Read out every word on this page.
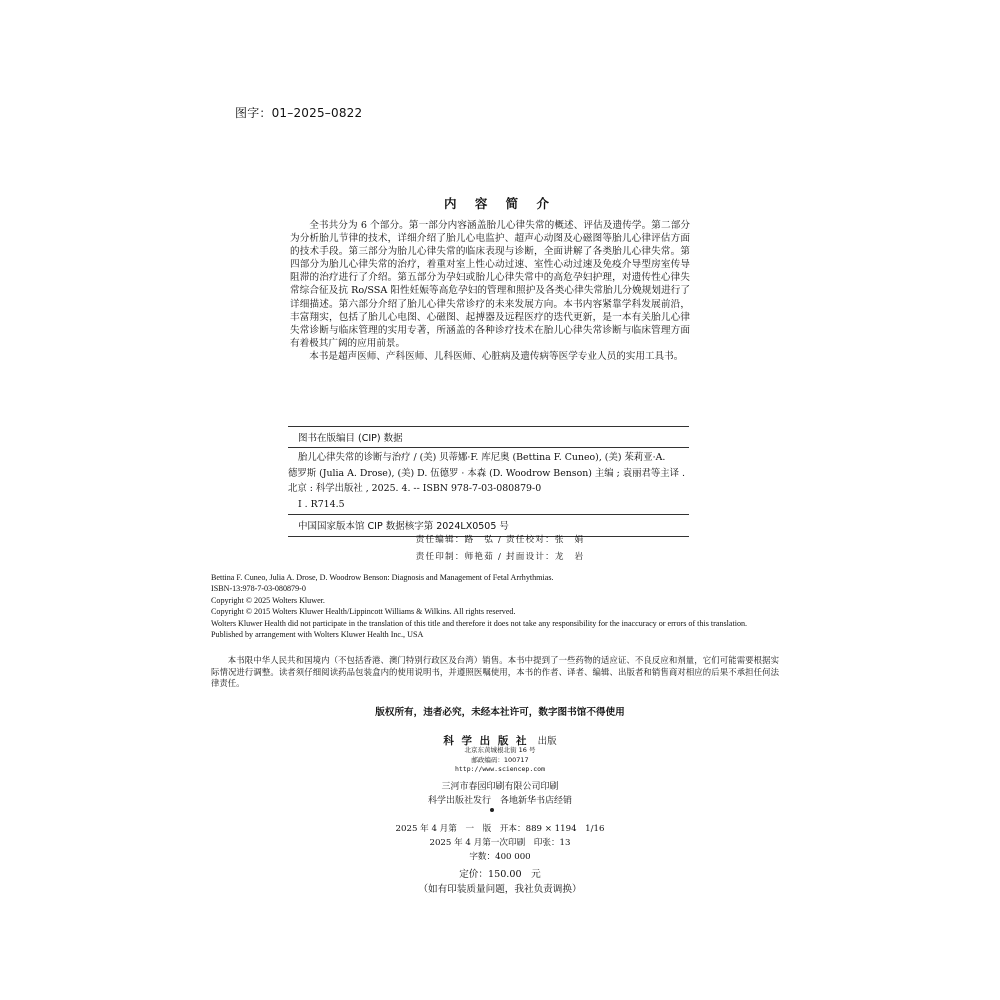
图字：01–2025–0822
内 容 简 介

全书共分为 6 个部分。第一部分内容涵盖胎儿心律失常的概述、评估及遗传学。第二部分为分析胎儿节律的技术，详细介绍了胎儿心电监护、超声心动图及心磁图等胎儿心律评估方面的技术手段。第三部分为胎儿心律失常的临床表现与诊断，全面讲解了各类胎儿心律失常。第四部分为胎儿心律失常的治疗，着重对室上性心动过速、室性心动过速及免疫介导型房室传导阻滞的治疗进行了介绍。第五部分为孕妇或胎儿心律失常中的高危孕妇护理，对遗传性心律失常综合征及抗 Ro/SSA 阳性妊娠等高危孕妇的管理和照护及各类心律失常胎儿分娩规划进行了详细描述。第六部分介绍了胎儿心律失常诊疗的未来发展方向。本书内容紧靠学科发展前沿，丰富翔实，包括了胎儿心电图、心磁图、起搏器及远程医疗的迭代更新，是一本有关胎儿心律失常诊断与临床管理的实用专著，所涵盖的各种诊疗技术在胎儿心律失常诊断与临床管理方面有着极其广阔的应用前景。

本书是超声医师、产科医师、儿科医师、心脏病及遗传病等医学专业人员的实用工具书。

图书在版编目 (CIP) 数据
胎儿心律失常的诊断与治疗 / (美) 贝蒂娜·F. 库尼奥 (Bettina F. Cuneo), (美) 茱莉亚·A.
德罗斯 (Julia A. Drose), (美) D. 伍德罗 · 本森 (D. Woodrow Benson) 主编 ; 袁丽君等主译 .
北京 : 科学出版社 , 2025. 4. -- ISBN 978-7-03-080879-0
Ⅰ . R714.5
中国国家版本馆 CIP 数据核字第 2024LX0505 号
责任编辑：路　弘 / 责任校对：张　娟
责任印制：师艳茹 / 封面设计：龙　岩
Bettina F. Cuneo, Julia A. Drose, D. Woodrow Benson: Diagnosis and Management of Fetal Arrhythmias.
ISBN-13:978-7-03-080879-0
Copyright © 2025 Wolters Kluwer.
Copyright © 2015 Wolters Kluwer Health/Lippincott Williams & Wilkins. All rights reserved.
Wolters Kluwer Health did not participate in the translation of this title and therefore it does not take any responsibility for the inaccuracy or errors of this translation.
Published by arrangement with Wolters Kluwer Health Inc., USA

本书限中华人民共和国境内（不包括香港、澳门特别行政区及台湾）销售。本书中提到了一些药物的适应证、不良反应和剂量，它们可能需要根据实际情况进行调整。读者须仔细阅读药品包装盒内的使用说明书，并遵照医嘱使用，本书的作者、译者、编辑、出版者和销售商对相应的后果不承担任何法律责任。

版权所有，违者必究，未经本社许可，数字图书馆不得使用
科 学 出 版 社 出版
北京东黄城根北街 16 号
邮政编码：100717
http://www.sciencep.com
三河市春园印刷有限公司印刷
科学出版社发行　各地新华书店经销
2025 年 4 月第　一　版　开本：889 × 1194　1/16
2025 年 4 月第一次印刷　印张：13
字数：400 000
定价：150.00　元
（如有印装质量问题，我社负责调换）
